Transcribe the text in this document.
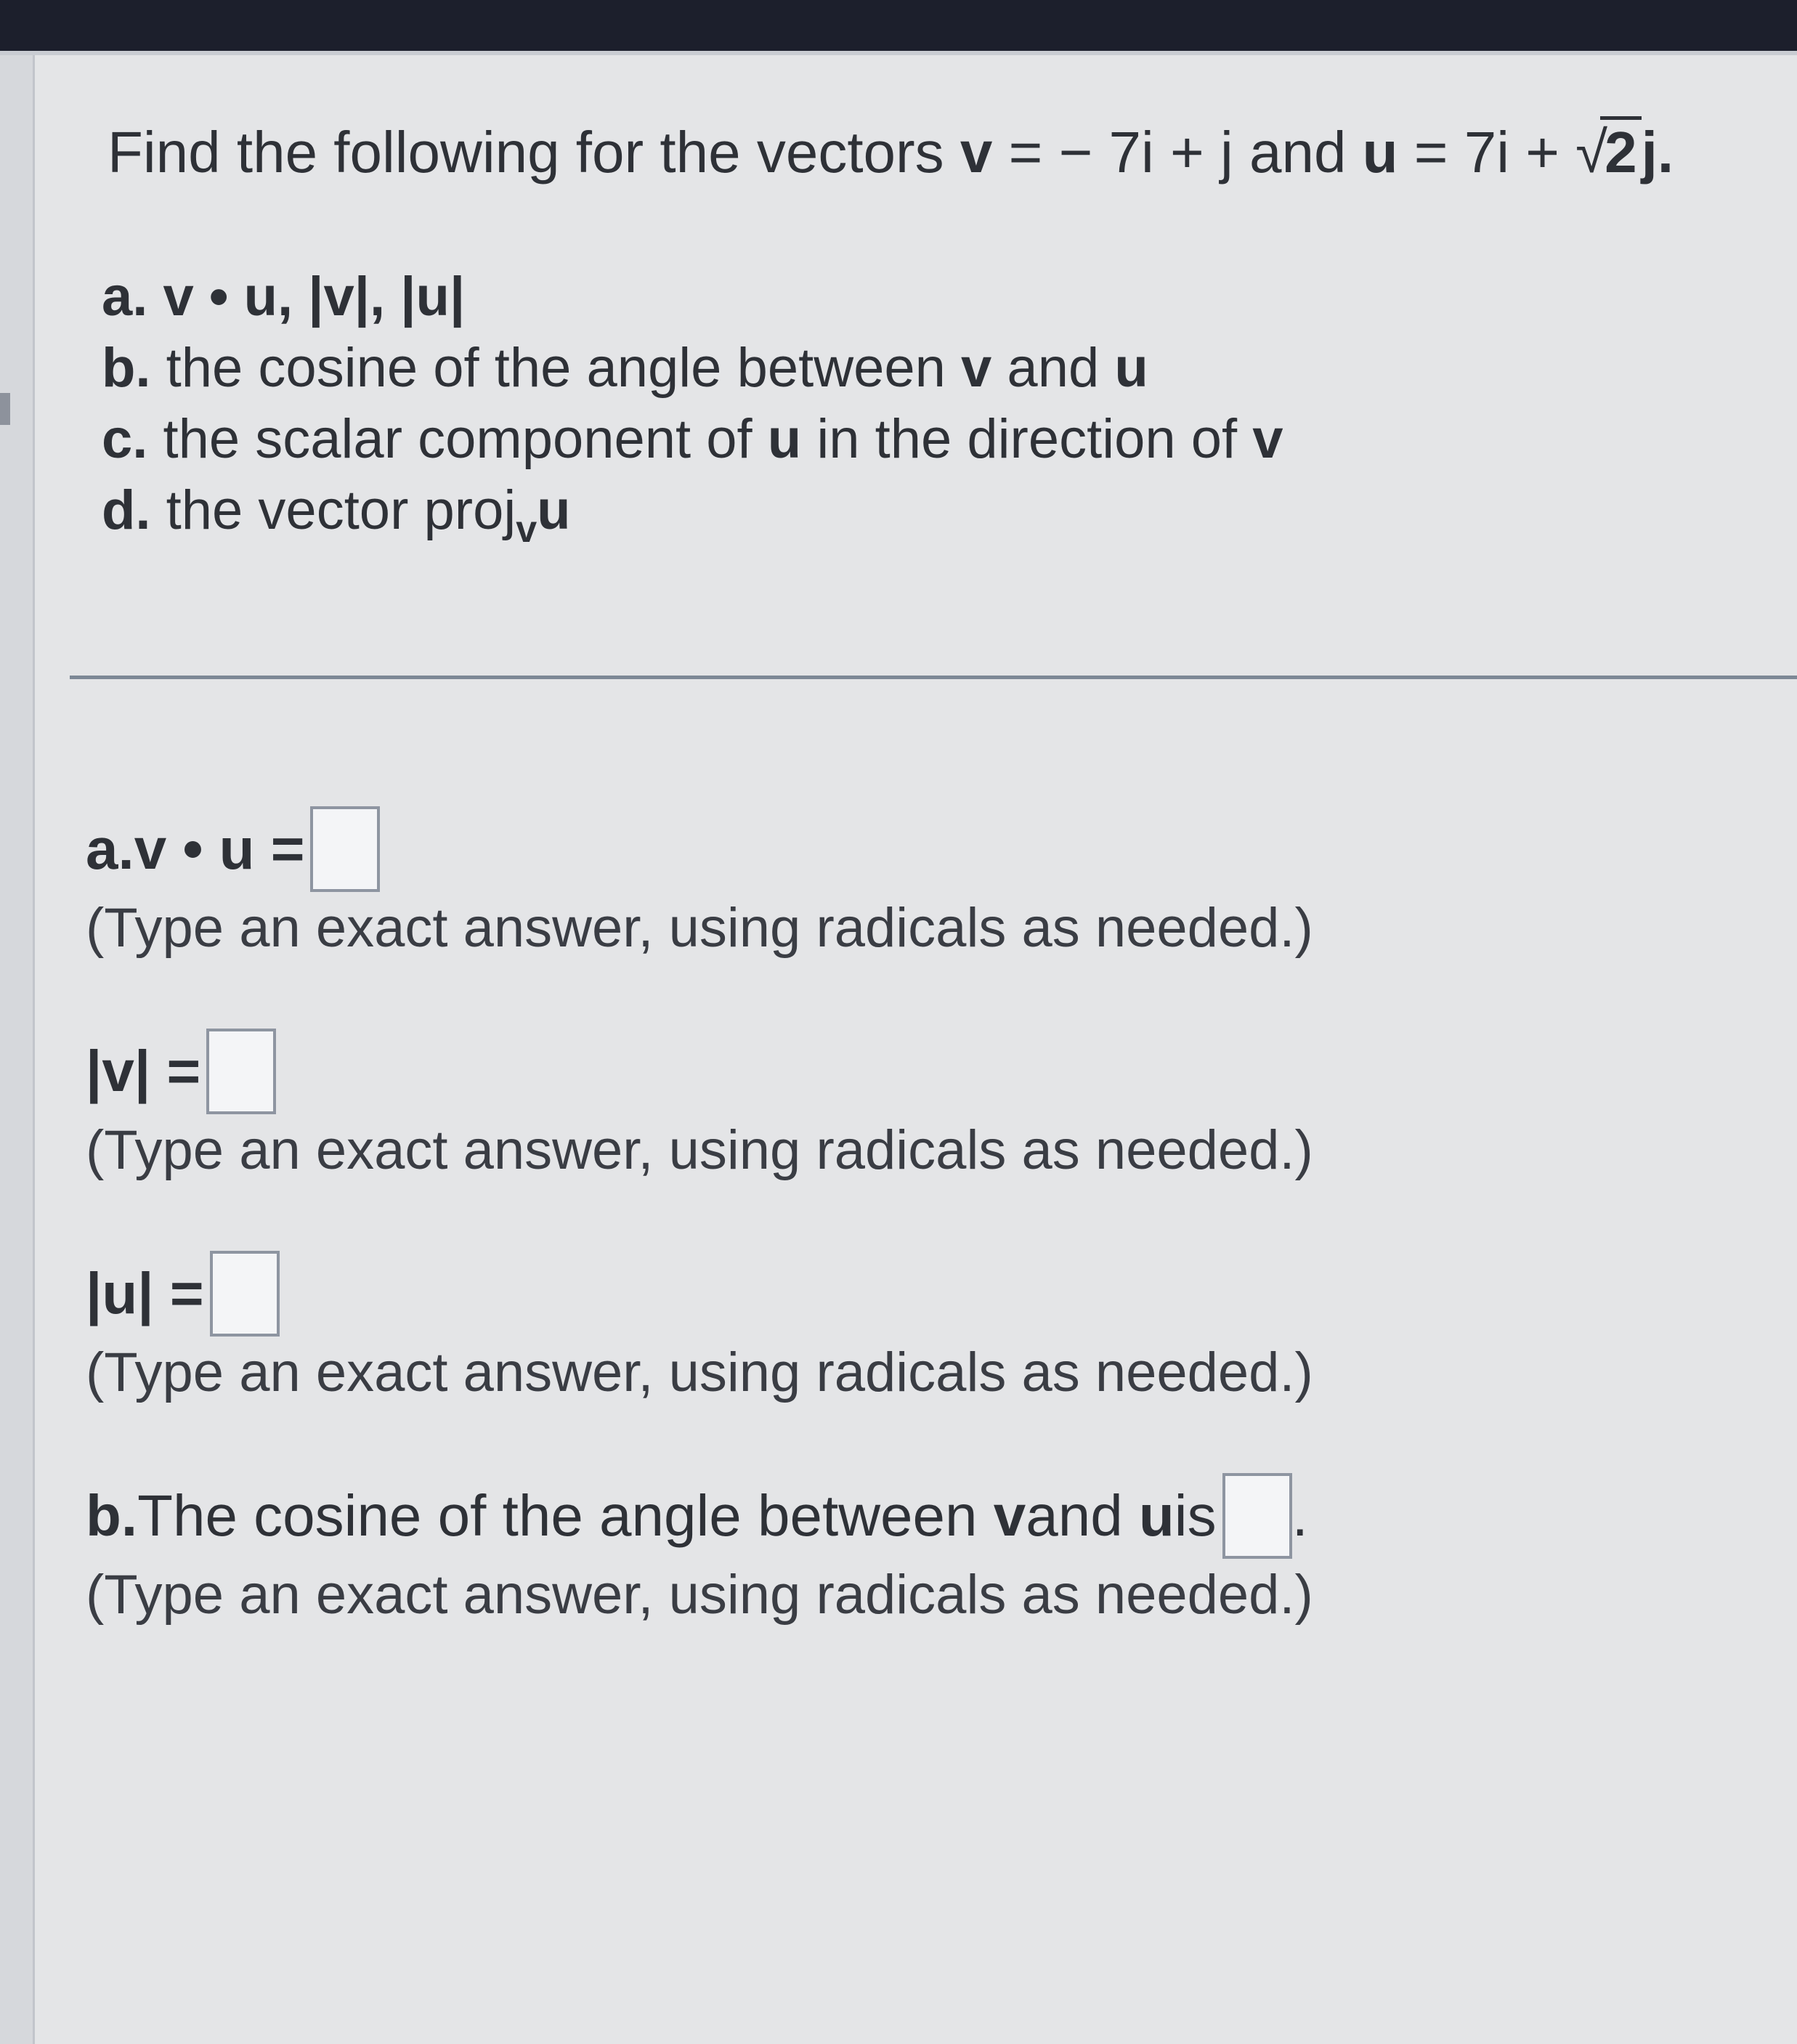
Find the following for the vectors v = − 7i + j and u = 7i + √
2j.
a. v • u, |v|, |u|
b. the cosine of the angle between v and u
c. the scalar component of u in the direction of v
d. the vector proj$_v$u
a. v • u =
(Type an exact answer, using radicals as needed.)
|v| =
(Type an exact answer, using radicals as needed.)
|u| =
(Type an exact answer, using radicals as needed.)
b. The cosine of the angle between
v and
u is .
(Type an exact answer, using radicals as needed.)
